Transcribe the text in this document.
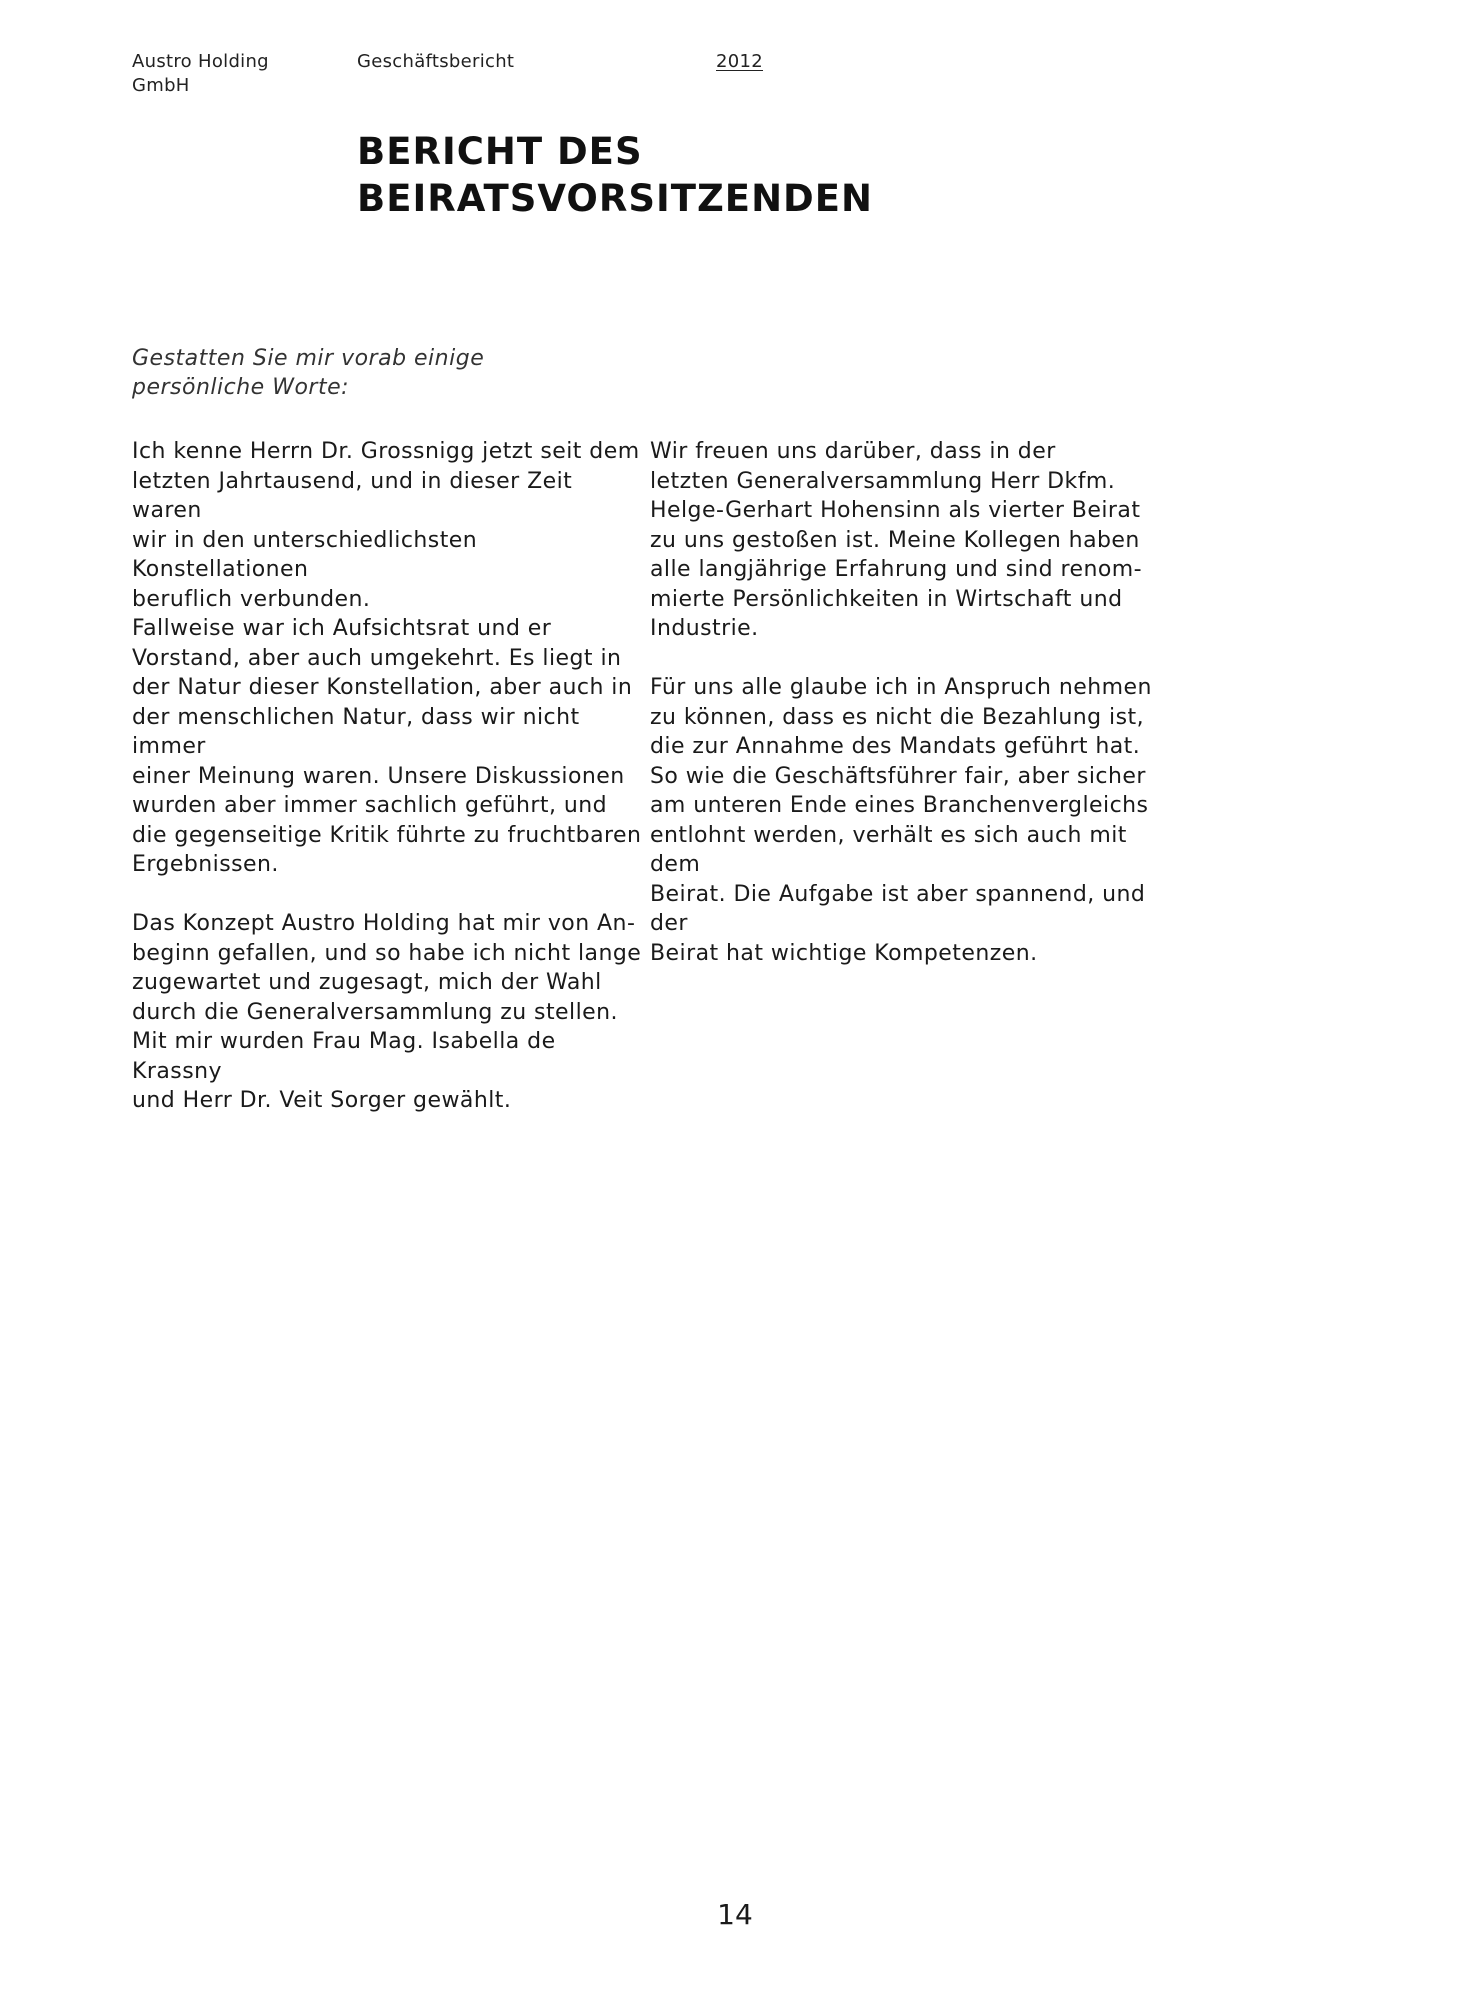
Austro Holding
GmbH
Geschäftsbericht	2012
BERICHT DES
BEIRATSVORSITZENDEN

Gestatten Sie mir vorab einige
persönliche Worte:

Ich kenne Herrn Dr. Grossnigg jetzt seit dem
letzten Jahrtausend, und in dieser Zeit waren
wir in den unterschiedlichsten Konstellationen
beruflich verbunden.
Fallweise war ich Aufsichtsrat und er
Vorstand, aber auch umgekehrt. Es liegt in
der Natur dieser Konstellation, aber auch in
der menschlichen Natur, dass wir nicht immer
einer Meinung waren. Unsere Diskussionen
wurden aber immer sachlich geführt, und
die gegenseitige Kritik führte zu fruchtbaren
Ergebnissen.

Das Konzept Austro Holding hat mir von An-
beginn gefallen, und so habe ich nicht lange
zugewartet und zugesagt, mich der Wahl
durch die Generalversammlung zu stellen.
Mit mir wurden Frau Mag. Isabella de Krassny
und Herr Dr. Veit Sorger gewählt.

Wir freuen uns darüber, dass in der
letzten Generalversammlung Herr Dkfm.
Helge-Gerhart Hohensinn als vierter Beirat
zu uns gestoßen ist. Meine Kollegen haben
alle langjährige Erfahrung und sind renom-
mierte Persönlichkeiten in Wirtschaft und
Industrie.

Für uns alle glaube ich in Anspruch nehmen
zu können, dass es nicht die Bezahlung ist,
die zur Annahme des Mandats geführt hat.
So wie die Geschäftsführer fair, aber sicher
am unteren Ende eines Branchenvergleichs
entlohnt werden, verhält es sich auch mit dem
Beirat. Die Aufgabe ist aber spannend, und der
Beirat hat wichtige Kompetenzen.

14
